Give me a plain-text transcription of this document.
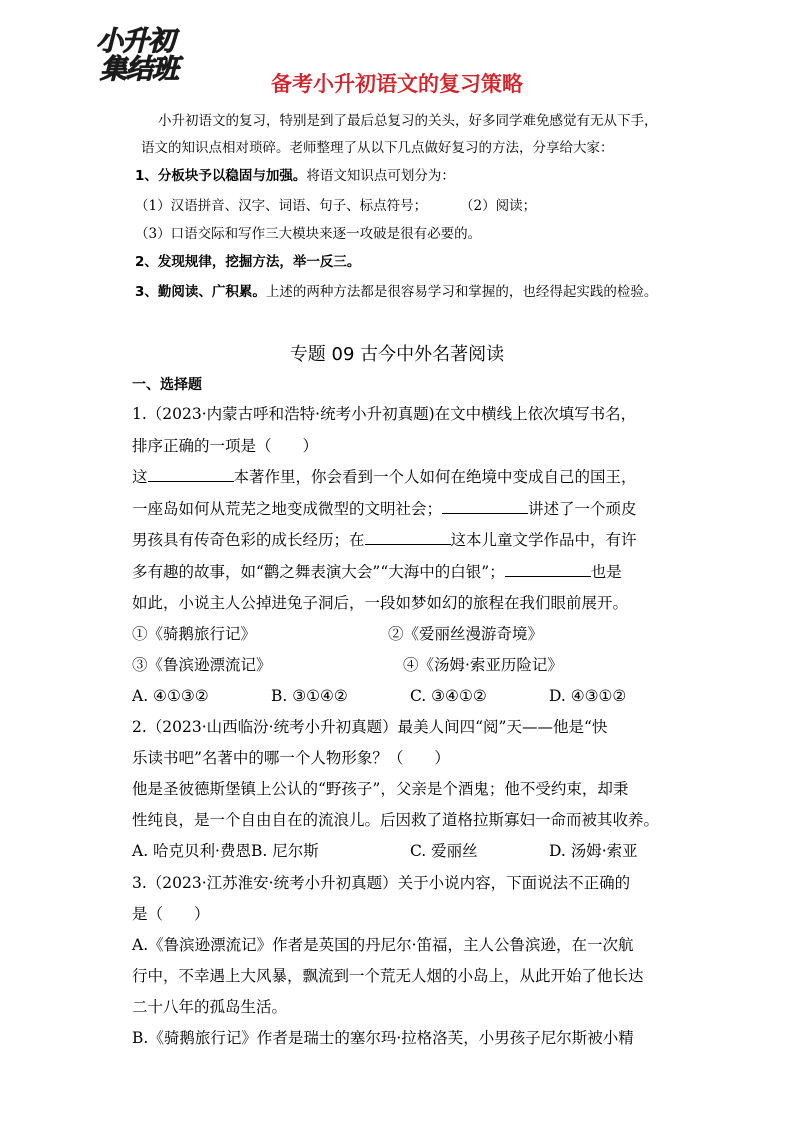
小升初
集结班	备考小升初语文的复习策略
小升初语文的复习，特别是到了最后总复习的关头，好多同学难免感觉有无从下手，
语文的知识点相对琐碎。老师整理了从以下几点做好复习的方法，分享给大家：
1、分板块予以稳固与加强。将语文知识点可划分为：
（1）汉语拼音、汉字、词语、句子、标点符号； （2）阅读；
（3）口语交际和写作三大模块来逐一攻破是很有必要的。
2、发现规律，挖掘方法，举一反三。
3、勤阅读、广积累。上述的两种方法都是很容易学习和掌握的，也经得起实践的检验。
专题 09 古今中外名著阅读
一、选择题
1.（2023·内蒙古呼和浩特·统考小升初真题)在文中横线上依次填写书名，
排序正确的一项是（　　）
这	本著作里，你会看到一个人如何在绝境中变成自己的国王，
一座岛如何从荒芜之地变成微型的文明社会；	讲述了一个顽皮
男孩具有传奇色彩的成长经历；在	这本儿童文学作品中，有许
多有趣的故事，如“鹳之舞表演大会”“大海中的白银”；	也是
如此，小说主人公掉进兔子洞后，一段如梦如幻的旅程在我们眼前展开。
①《骑鹅旅行记》	②《爱丽丝漫游奇境》
③《鲁滨逊漂流记》	④《汤姆·索亚历险记》
A. ④①③②	B. ③①④②	C. ③④①②	D. ④③①②
2.（2023·山西临汾·统考小升初真题）最美人间四“阅”天——他是“快
乐读书吧”名著中的哪一个人物形象？（　　）
他是圣彼德斯堡镇上公认的“野孩子”，父亲是个酒鬼；他不受约束，却秉
性纯良，是一个自由自在的流浪儿。后因救了道格拉斯寡妇一命而被其收养。
A. 哈克贝利·费恩B. 尼尔斯	C. 爱丽丝	D. 汤姆·索亚
3.（2023·江苏淮安·统考小升初真题）关于小说内容，下面说法不正确的
是（　　）
A.《鲁滨逊漂流记》作者是英国的丹尼尔·笛福，主人公鲁滨逊，在一次航
行中，不幸遇上大风暴，飘流到一个荒无人烟的小岛上，从此开始了他长达
二十八年的孤岛生活。
B.《骑鹅旅行记》作者是瑞士的塞尔玛·拉格洛芙，小男孩子尼尔斯被小精
